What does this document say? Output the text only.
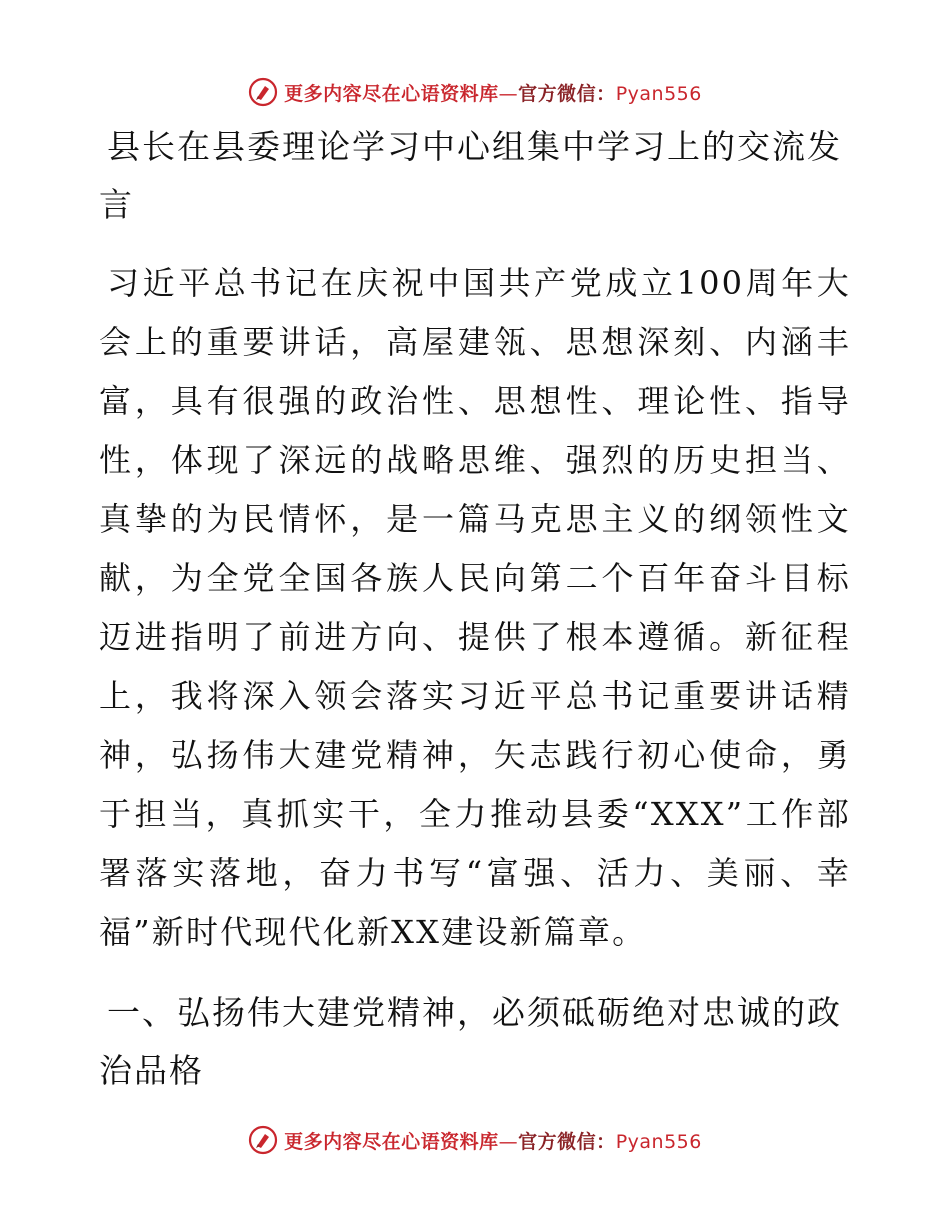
更多内容尽在心语资料库—官方微信：Pyan556
县长在县委理论学习中心组集中学习上的交流发言

习近平总书记在庆祝中国共产党成立100周年大会上的重要讲话，高屋建瓴、思想深刻、内涵丰富，具有很强的政治性、思想性、理论性、指导性，体现了深远的战略思维、强烈的历史担当、真挚的为民情怀，是一篇马克思主义的纲领性文献，为全党全国各族人民向第二个百年奋斗目标迈进指明了前进方向、提供了根本遵循。新征程上，我将深入领会落实习近平总书记重要讲话精神，弘扬伟大建党精神，矢志践行初心使命，勇于担当，真抓实干，全力推动县委“XXX”工作部署落实落地，奋力书写“富强、活力、美丽、幸福”新时代现代化新XX建设新篇章。

一、弘扬伟大建党精神，必须砥砺绝对忠诚的政治品格
更多内容尽在心语资料库—官方微信：Pyan556
